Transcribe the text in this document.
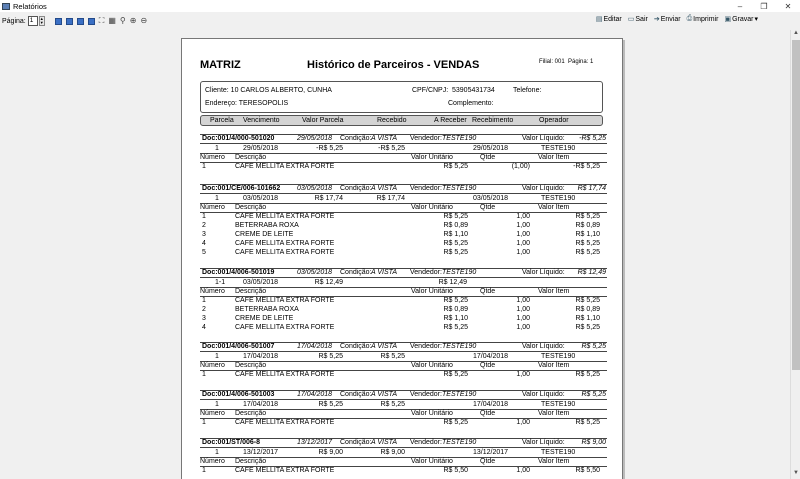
Relatórios	–	❐	✕
Página: 1	▲
▼	⛶ ▦ ⚲ ⊕ ⊖	▤ Editar ▭ Sair ➔ Enviar ⎙ Imprimir ▣ Gravar ▾
MATRIZ	Histórico de Parceiros - VENDAS	Filial: 001 Página: 1
Cliente: 10 CARLOS ALBERTO, CUNHA	CPF/CNPJ: 53905431734	Telefone:
Endereço: TERESOPOLIS	Complemento:
Parcela Vencimento	Valor Parcela	Recebido	A Receber Recebimento	Operador
Doc:001/4/000-501020	29/05/2018 Condição: A VISTA Vendedor: TESTE190	Valor Líquido:	-R$ 5,25
1	29/05/2018	-R$ 5,25	-R$ 5,25	29/05/2018	TESTE190
Número Descrição	Valor Unitário	Qtde	Valor Item
1	CAFE MELLITA EXTRA FORTE	R$ 5,25	(1,00)	-R$ 5,25
Doc:001/CE/006-101662 03/05/2018 Condição: A VISTA Vendedor: TESTE190	Valor Líquido:	R$ 17,74
1	03/05/2018	R$ 17,74	R$ 17,74	03/05/2018	TESTE190
Número Descrição	Valor Unitário	Qtde	Valor Item
1	CAFE MELLITA EXTRA FORTE	R$ 5,25	1,00	R$ 5,25
2	BETERRABA ROXA	R$ 0,89	1,00	R$ 0,89
3	CREME DE LEITE	R$ 1,10	1,00	R$ 1,10
4	CAFE MELLITA EXTRA FORTE	R$ 5,25	1,00	R$ 5,25
5	CAFE MELLITA EXTRA FORTE	R$ 5,25	1,00	R$ 5,25
Doc:001/4/006-501019	03/05/2018 Condição: A VISTA Vendedor: TESTE190	Valor Líquido:	R$ 12,49
1-1	03/05/2018	R$ 12,49	R$ 12,49
Número Descrição	Valor Unitário	Qtde	Valor Item
1	CAFE MELLITA EXTRA FORTE	R$ 5,25	1,00	R$ 5,25
2	BETERRABA ROXA	R$ 0,89	1,00	R$ 0,89
3	CREME DE LEITE	R$ 1,10	1,00	R$ 1,10
4	CAFE MELLITA EXTRA FORTE	R$ 5,25	1,00	R$ 5,25
Doc:001/4/006-501007	17/04/2018 Condição: A VISTA Vendedor: TESTE190	Valor Líquido:	R$ 5,25
1	17/04/2018	R$ 5,25	R$ 5,25	17/04/2018	TESTE190
Número Descrição	Valor Unitário	Qtde	Valor Item
1	CAFE MELLITA EXTRA FORTE	R$ 5,25	1,00	R$ 5,25
Doc:001/4/006-501003	17/04/2018 Condição: A VISTA Vendedor: TESTE190	Valor Líquido:	R$ 5,25
1	17/04/2018	R$ 5,25	R$ 5,25	17/04/2018	TESTE190
Número Descrição	Valor Unitário	Qtde	Valor Item
1	CAFE MELLITA EXTRA FORTE	R$ 5,25	1,00	R$ 5,25
Doc:001/ST/006-8	13/12/2017 Condição: A VISTA Vendedor: TESTE190	Valor Líquido:	R$ 9,00
1	13/12/2017	R$ 9,00	R$ 9,00	13/12/2017	TESTE190
Número Descrição	Valor Unitário	Qtde	Valor Item
1	CAFE MELLITA EXTRA FORTE	R$ 5,50	1,00	R$ 5,50
▲
▼
